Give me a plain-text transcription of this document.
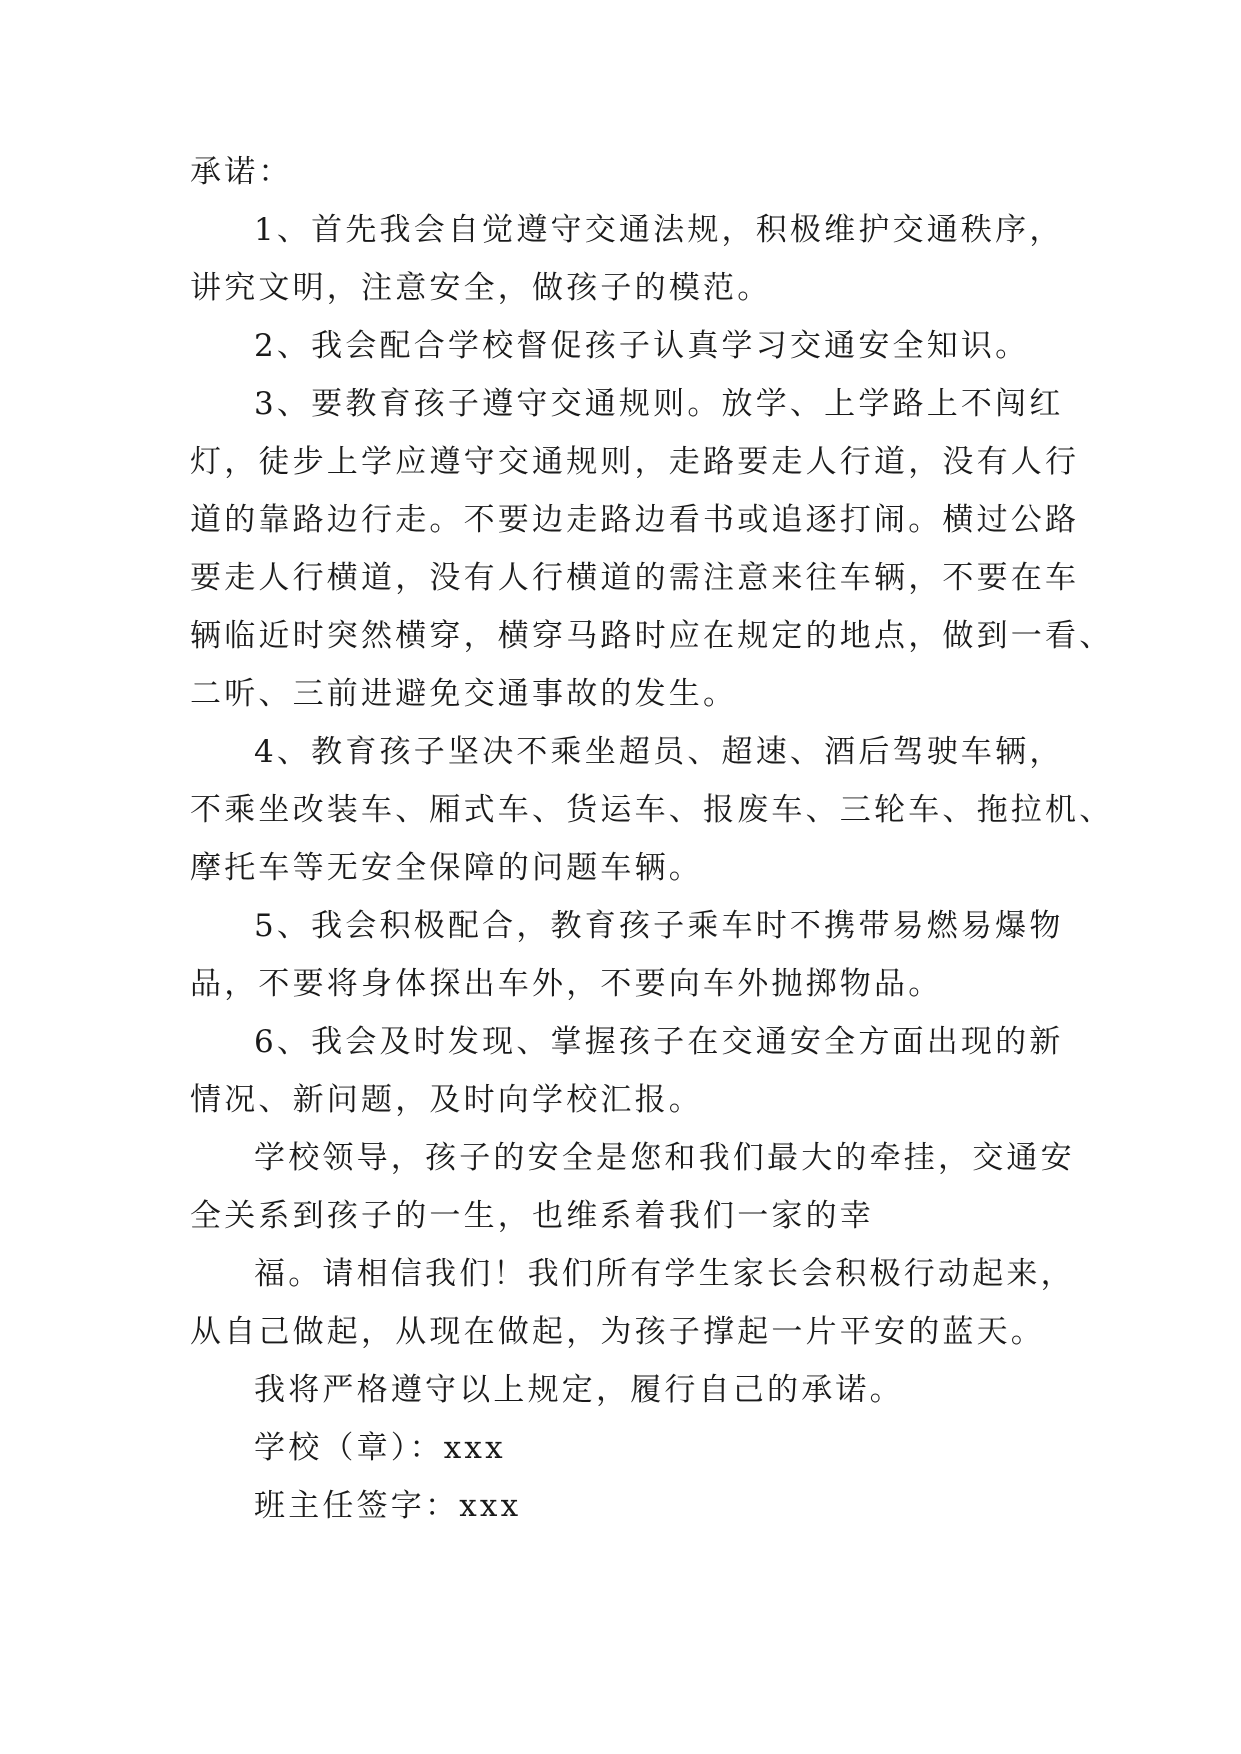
承诺：
1、首先我会自觉遵守交通法规，积极维护交通秩序，
讲究文明，注意安全，做孩子的模范。
2、我会配合学校督促孩子认真学习交通安全知识。
3、要教育孩子遵守交通规则。放学、上学路上不闯红
灯，徒步上学应遵守交通规则，走路要走人行道，没有人行
道的靠路边行走。不要边走路边看书或追逐打闹。横过公路
要走人行横道，没有人行横道的需注意来往车辆，不要在车
辆临近时突然横穿，横穿马路时应在规定的地点，做到一看、
二听、三前进避免交通事故的发生。
4、教育孩子坚决不乘坐超员、超速、酒后驾驶车辆，
不乘坐改装车、厢式车、货运车、报废车、三轮车、拖拉机、
摩托车等无安全保障的问题车辆。
5、我会积极配合，教育孩子乘车时不携带易燃易爆物
品，不要将身体探出车外，不要向车外抛掷物品。
6、我会及时发现、掌握孩子在交通安全方面出现的新
情况、新问题，及时向学校汇报。
学校领导，孩子的安全是您和我们最大的牵挂，交通安
全关系到孩子的一生，也维系着我们一家的幸
福。请相信我们！我们所有学生家长会积极行动起来，
从自己做起，从现在做起，为孩子撑起一片平安的蓝天。
我将严格遵守以上规定，履行自己的承诺。
学校（章）：xxx
班主任签字：xxx
